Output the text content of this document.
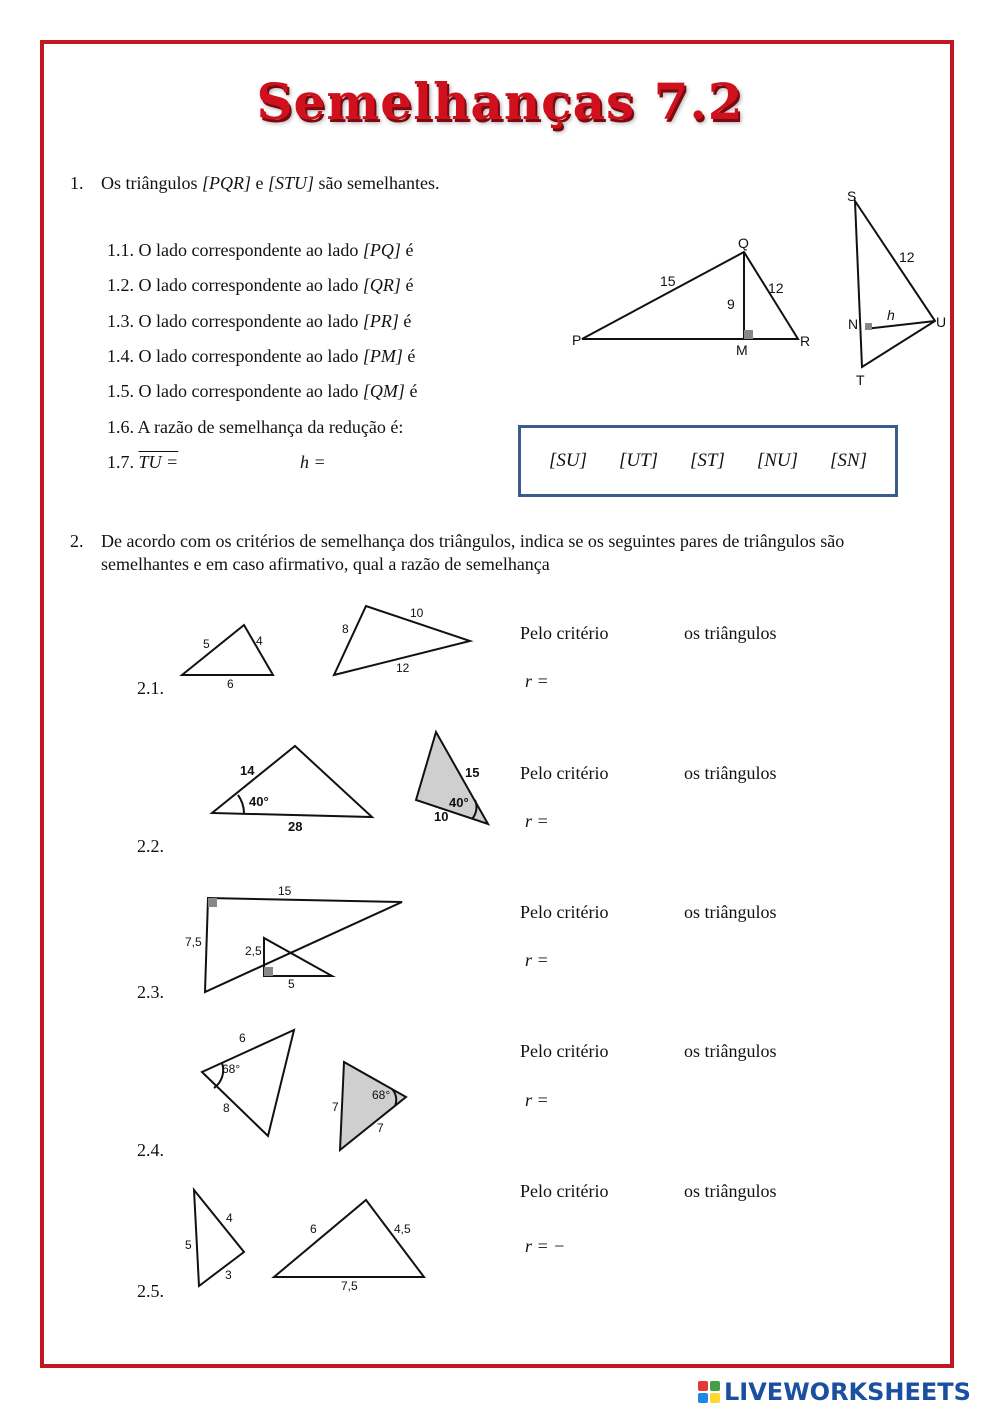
Semelhanças 7.2
1. Os triângulos [PQR] e [STU] são semelhantes.
1.1. O lado correspondente ao lado [PQ] é
1.2. O lado correspondente ao lado [QR] é
1.3. O lado correspondente ao lado [PR] é
1.4. O lado correspondente ao lado [PM] é
1.5. O lado correspondente ao lado [QM] é
1.6. A razão de semelhança da redução é:
1.7. TU =	h =
P
Q
R
M
15
9
12
S
T
U
N
12
h
[SU] [UT] [ST] [NU] [SN]
2. De acordo com os critérios de semelhança dos triângulos, indica se os seguintes pares de triângulos são semelhantes e em caso afirmativo, qual a razão de semelhança
2.1.
5	4
6
8
10
12
2.2.
14
40°
28
15
40°
10
2.3.
15
7,5
2,5
5
2.4.
6
68°
8	7
68°
7
2.5.
4
5
3
6	4,5
7,5
Pelo critério	os triângulos
r =
Pelo critério	os triângulos
r =
Pelo critério	os triângulos
r =
Pelo critério	os triângulos
r =
Pelo critério	os triângulos
r = −
LIVEWORKSHEETS
